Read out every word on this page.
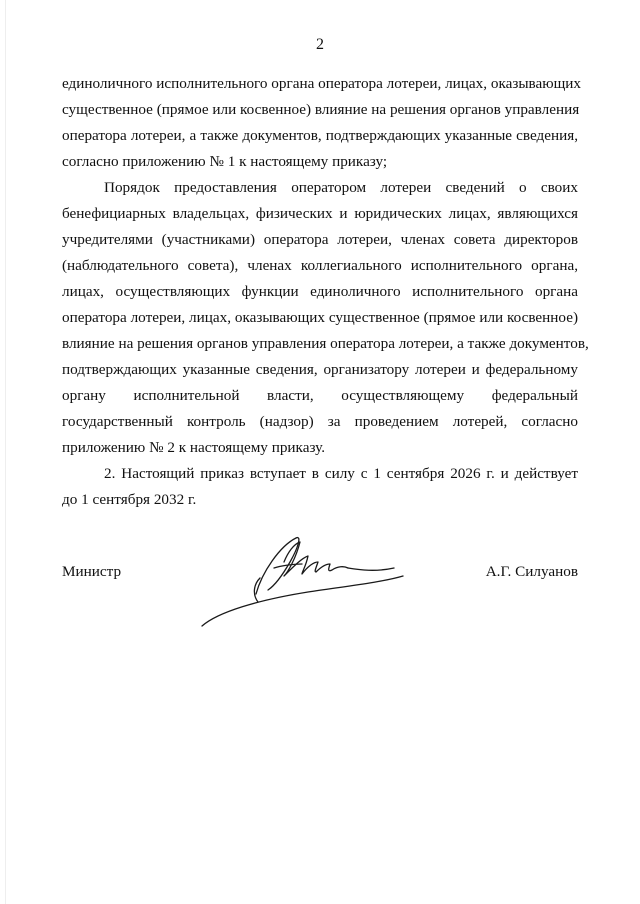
2
единоличного исполнительного органа оператора лотереи, лицах, оказывающих
существенное (прямое или косвенное) влияние на решения органов управления
оператора лотереи, а также документов, подтверждающих указанные сведения,
согласно приложению № 1 к настоящему приказу;
Порядок предоставления оператором лотереи сведений о своих
бенефициарных владельцах, физических и юридических лицах, являющихся
учредителями (участниками) оператора лотереи, членах совета директоров
(наблюдательного совета), членах коллегиального исполнительного органа,
лицах, осуществляющих функции единоличного исполнительного органа
оператора лотереи, лицах, оказывающих существенное (прямое или косвенное)
влияние на решения органов управления оператора лотереи, а также документов,
подтверждающих указанные сведения, организатору лотереи и федеральному
органу исполнительной власти, осуществляющему федеральный
государственный контроль (надзор) за проведением лотерей, согласно
приложению № 2 к настоящему приказу.
2. Настоящий приказ вступает в силу с 1 сентября 2026 г. и действует
до 1 сентября 2032 г.
Министр	А.Г. Силуанов
